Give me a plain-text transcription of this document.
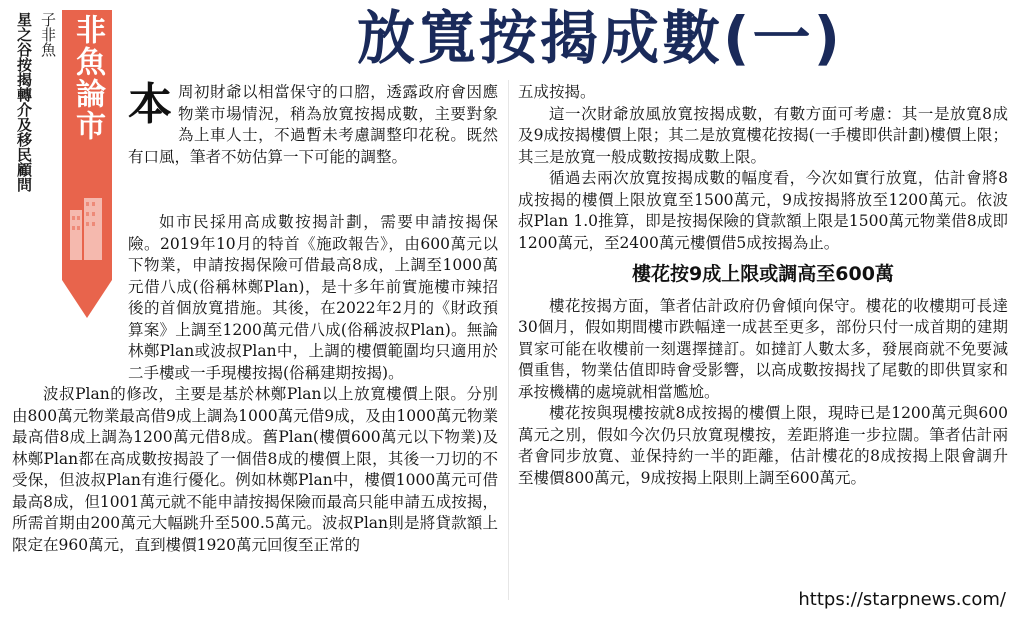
星之谷按揭轉介及移民顧問 子非魚 非魚論市	放寬按揭成數(一)
本 周初財爺以相當保守的口脗，透露政府會因應物業市場情況，稍為放寬按揭成數，主要對象為上車人士，不過暫未考慮調整印花稅。既然有口風，筆者不妨估算一下可能的調整。

如市民採用高成數按揭計劃，需要申請按揭保險。2019年10月的特首《施政報告》，由600萬元以下物業，申請按揭保險可借最高8成，上調至1000萬元借八成(俗稱林鄭Plan)，是十多年前實施樓市辣招後的首個放寬措施。其後，在2022年2月的《財政預算案》上調至1200萬元借八成(俗稱波叔Plan)。無論林鄭Plan或波叔Plan中，上調的樓價範圍均只適用於二手樓或一手現樓按揭(俗稱建期按揭)。

波叔Plan的修改，主要是基於林鄭Plan以上放寬樓價上限。分別由800萬元物業最高借9成上調為1000萬元借9成，及由1000萬元物業最高借8成上調為1200萬元借8成。舊Plan(樓價600萬元以下物業)及林鄭Plan都在高成數按揭設了一個借8成的樓價上限，其後一刀切的不受保，但波叔Plan有進行優化。例如林鄭Plan中，樓價1000萬元可借最高8成，但1001萬元就不能申請按揭保險而最高只能申請五成按揭，所需首期由200萬元大幅跳升至500.5萬元。波叔Plan則是將貸款額上限定在960萬元，直到樓價1920萬元回復至正常的

五成按揭。

這一次財爺放風放寬按揭成數，有數方面可考慮：其一是放寬8成及9成按揭樓價上限；其二是放寬樓花按揭(一手樓即供計劃)樓價上限；其三是放寬一般成數按揭成數上限。

循過去兩次放寬按揭成數的幅度看，今次如實行放寬，估計會將8成按揭的樓價上限放寬至1500萬元，9成按揭將放至1200萬元。依波叔Plan 1.0推算，即是按揭保險的貸款額上限是1500萬元物業借8成即1200萬元，至2400萬元樓價借5成按揭為止。

樓花按9成上限或調高至600萬

樓花按揭方面，筆者估計政府仍會傾向保守。樓花的收樓期可長達30個月，假如期間樓市跌幅達一成甚至更多，部份只付一成首期的建期買家可能在收樓前一刻選擇撻訂。如撻訂人數太多，發展商就不免要減價重售，物業估值即時會受影響，以高成數按揭找了尾數的即供買家和承按機構的處境就相當尷尬。

樓花按與現樓按就8成按揭的樓價上限，現時已是1200萬元與600萬元之別，假如今次仍只放寬現樓按，差距將進一步拉闊。筆者估計兩者會同步放寬、並保持約一半的距離，估計樓花的8成按揭上限會調升至樓價800萬元，9成按揭上限則上調至600萬元。

https://starpnews.com/
